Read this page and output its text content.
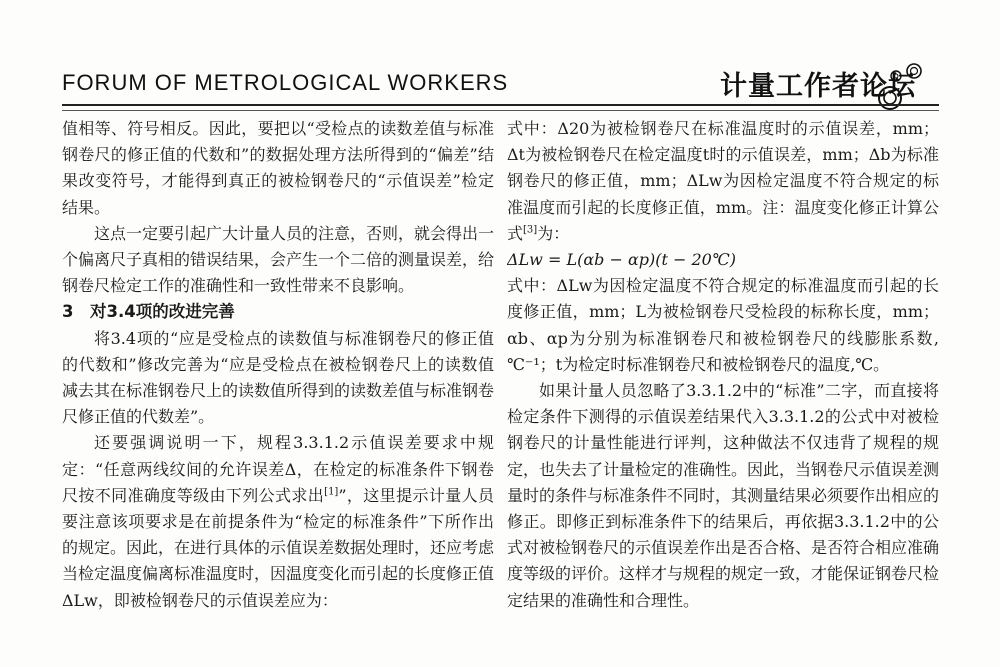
FORUM OF METROLOGICAL WORKERS	计量工作者论坛

值相等、符号相反。因此，要把以“受检点的读数差值与标准钢卷尺的修正值的代数和”的数据处理方法所得到的“偏差”结果改变符号，才能得到真正的被检钢卷尺的“示值误差”检定结果。

这点一定要引起广大计量人员的注意，否则，就会得出一个偏离尺子真相的错误结果，会产生一个二倍的测量误差，给钢卷尺检定工作的准确性和一致性带来不良影响。

3　对3.4项的改进完善

将3.4项的“应是受检点的读数值与标准钢卷尺的修正值的代数和”修改完善为“应是受检点在被检钢卷尺上的读数值减去其在标准钢卷尺上的读数值所得到的读数差值与标准钢卷尺修正值的代数差”。

还要强调说明一下，规程3.3.1.2示值误差要求中规定：“任意两线纹间的允许误差Δ，在检定的标准条件下钢卷尺按不同准确度等级由下列公式求出[1]”，这里提示计量人员要注意该项要求是在前提条件为“检定的标准条件”下所作出的规定。因此，在进行具体的示值误差数据处理时，还应考虑当检定温度偏离标准温度时，因温度变化而引起的长度修正值ΔLw，即被检钢卷尺的示值误差应为：

式中：Δ20为被检钢卷尺在标准温度时的示值误差，mm；Δt为被检钢卷尺在检定温度t时的示值误差，mm；Δb为标准钢卷尺的修正值，mm；ΔLw为因检定温度不符合规定的标准温度而引起的长度修正值，mm。注：温度变化修正计算公式[3]为：

ΔLw = L(αb − αp)(t − 20℃)

式中：ΔLw为因检定温度不符合规定的标准温度而引起的长度修正值，mm；L为被检钢卷尺受检段的标称长度，mm；αb、αp为分别为标准钢卷尺和被检钢卷尺的线膨胀系数,℃⁻¹；t为检定时标准钢卷尺和被检钢卷尺的温度,℃。

如果计量人员忽略了3.3.1.2中的“标准”二字，而直接将检定条件下测得的示值误差结果代入3.3.1.2的公式中对被检钢卷尺的计量性能进行评判，这种做法不仅违背了规程的规定，也失去了计量检定的准确性。因此，当钢卷尺示值误差测量时的条件与标准条件不同时，其测量结果必须要作出相应的修正。即修正到标准条件下的结果后，再依据3.3.1.2中的公式对被检钢卷尺的示值误差作出是否合格、是否符合相应准确度等级的评价。这样才与规程的规定一致，才能保证钢卷尺检定结果的准确性和合理性。
